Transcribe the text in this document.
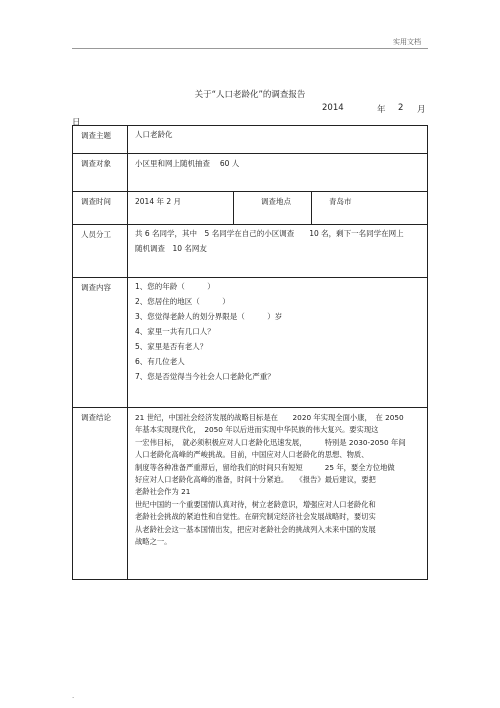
实用文档
关于“人口老龄化”的调查报告
2014	年 2 月
日
调查主题	人口老龄化
调查对象	小区里和网上随机抽查　 60 人
调查时间	2014 年 2 月	调查地点	青岛市
人员分工	共 6 名同学，其中　5 名同学在自己的小区调查　　10 名，剩下一名同学在网上
随机调查　10 名网友
调查内容	1、您的年龄（　　　）
2、您居住的地区（　　　）
3、您觉得老龄人的划分界限是（　　　）岁
4、家里一共有几口人？
5、家里是否有老人？
6、有几位老人
7、您是否觉得当今社会人口老龄化严重？
调查结论	21 世纪，中国社会经济发展的战略目标是在　　2020 年实现全面小康，　在 2050

年基本实现现代化，　2050 年以后进而实现中华民族的伟大复兴。要实现这

一宏伟目标，　就必须积极应对人口老龄化迅速发展，　　　特别是 2030-2050 年间

人口老龄化高峰的严峻挑战。目前，中国应对人口老龄化的思想、物质、

制度等各种准备严重滞后，留给我们的时间只有短短　　　25 年，要全方位地做

好应对人口老龄化高峰的准备，时间十分紧迫。　　《报告》最后建议，要把

老龄社会作为 21

世纪中国的一个重要国情认真对待，树立老龄意识，增强应对人口老龄化和

老龄社会挑战的紧迫性和自觉性。在研究制定经济社会发展战略时，要切实

从老龄社会这一基本国情出发，把应对老龄社会的挑战列入未来中国的发展

战略之一。

.
